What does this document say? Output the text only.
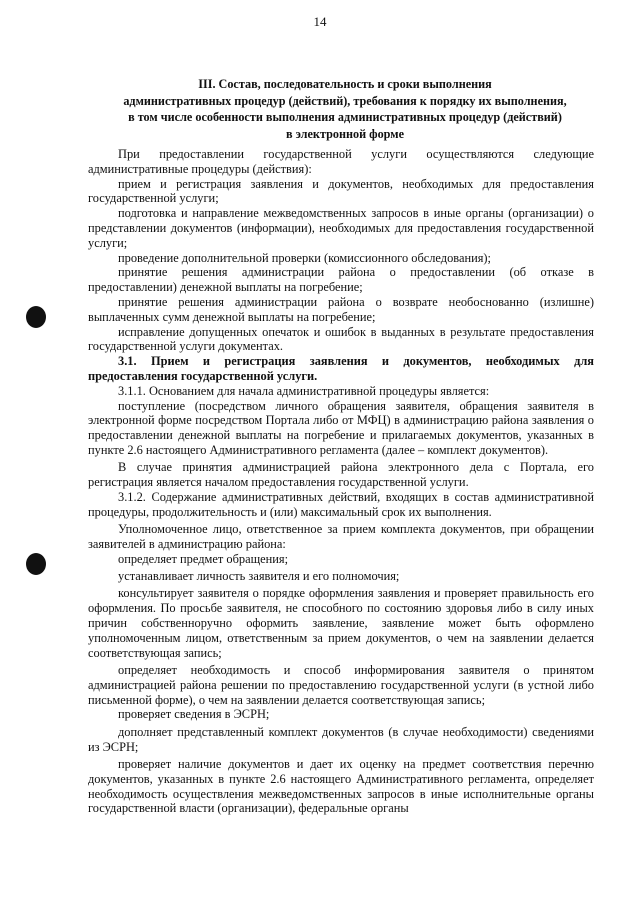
14
III. Состав, последовательность и сроки выполнения
административных процедур (действий), требования к порядку их выполнения,
в том числе особенности выполнения административных процедур (действий)
в электронной форме

При предоставлении государственной услуги осуществляются следующие административные процедуры (действия):

прием и регистрация заявления и документов, необходимых для предоставления государственной услуги;

подготовка и направление межведомственных запросов в иные органы (организации) о представлении документов (информации), необходимых для предоставления государственной услуги;

проведение дополнительной проверки (комиссионного обследования);

принятие решения администрации района о предоставлении (об отказе в предоставлении) денежной выплаты на погребение;

принятие решения администрации района о возврате необоснованно (излишне) выплаченных сумм денежной выплаты на погребение;

исправление допущенных опечаток и ошибок в выданных в результате предоставления государственной услуги документах.

3.1. Прием и регистрация заявления и документов, необходимых для предоставления государственной услуги.

3.1.1. Основанием для начала административной процедуры является:

поступление (посредством личного обращения заявителя, обращения заявителя в электронной форме посредством Портала либо от МФЦ) в администрацию района заявления о предоставлении денежной выплаты на погребение и прилагаемых документов, указанных в пункте 2.6 настоящего Административного регламента (далее – комплект документов).

В случае принятия администрацией района электронного дела с Портала, его регистрация является началом предоставления государственной услуги.

3.1.2. Содержание административных действий, входящих в состав административной процедуры, продолжительность и (или) максимальный срок их выполнения.

Уполномоченное лицо, ответственное за прием комплекта документов, при обращении заявителей в администрацию района:

определяет предмет обращения;

устанавливает личность заявителя и его полномочия;

консультирует заявителя о порядке оформления заявления и проверяет правильность его оформления. По просьбе заявителя, не способного по состоянию здоровья либо в силу иных причин собственноручно оформить заявление, заявление может быть оформлено уполномоченным лицом, ответственным за прием документов, о чем на заявлении делается соответствующая запись;

определяет необходимость и способ информирования заявителя о принятом администрацией района решении по предоставлению государственной услуги (в устной либо письменной форме), о чем на заявлении делается соответствующая запись;

проверяет сведения в ЭСРН;

дополняет представленный комплект документов (в случае необходимости) сведениями из ЭСРН;

проверяет наличие документов и дает их оценку на предмет соответствия перечню документов, указанных в пункте 2.6 настоящего Административного регламента, определяет необходимость осуществления межведомственных запросов в иные исполнительные органы государственной власти (организации), федеральные органы
